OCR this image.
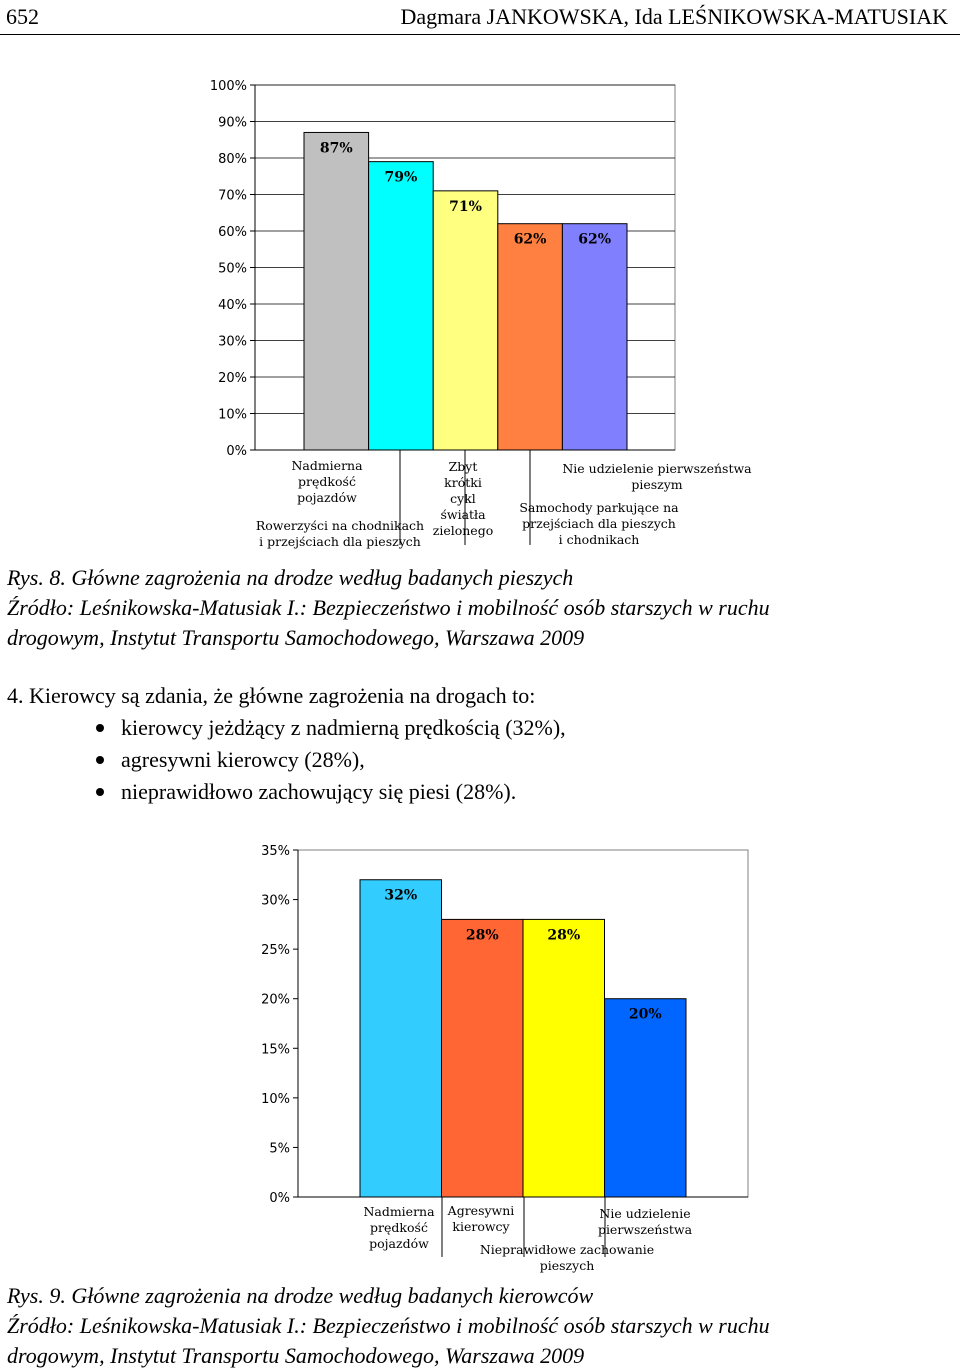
652	Dagmara JANKOWSKA, Ida LEŚNIKOWSKA-MATUSIAK
0%
10%
20%
30%
40%
50%
60%
70%
80%
90%
100%
87%
79%
71%
62% 62%
Nadmierna
prędkość
pojazdów
Rowerzyści na chodnikach
i przejściach dla pieszych
Zbyt
krótki
cykl
światła
zielonego
Samochody parkujące na
przejściach dla pieszych
i chodnikach
Nie udzielenie pierwszeństwa
pieszym
Rys. 8. Główne zagrożenia na drodze według badanych pieszych
Źródło: Leśnikowska-Matusiak I.: Bezpieczeństwo i mobilność osób starszych w ruchu
drogowym, Instytut Transportu Samochodowego, Warszawa 2009
4. Kierowcy są zdania, że główne zagrożenia na drogach to:
kierowcy jeżdżący z nadmierną prędkością (32%),
agresywni kierowcy (28%),
nieprawidłowo zachowujący się piesi (28%).
0%
5%
10%
15%
20%
25%
30%
35%
32%
28%	28%
20%
Nadmierna
prędkość
pojazdów
Agresywni
kierowcy
Nieprawidłowe zachowanie
pieszych
Nie udzielenie
pierwszeństwa
Rys. 9. Główne zagrożenia na drodze według badanych kierowców
Źródło: Leśnikowska-Matusiak I.: Bezpieczeństwo i mobilność osób starszych w ruchu
drogowym, Instytut Transportu Samochodowego, Warszawa 2009
